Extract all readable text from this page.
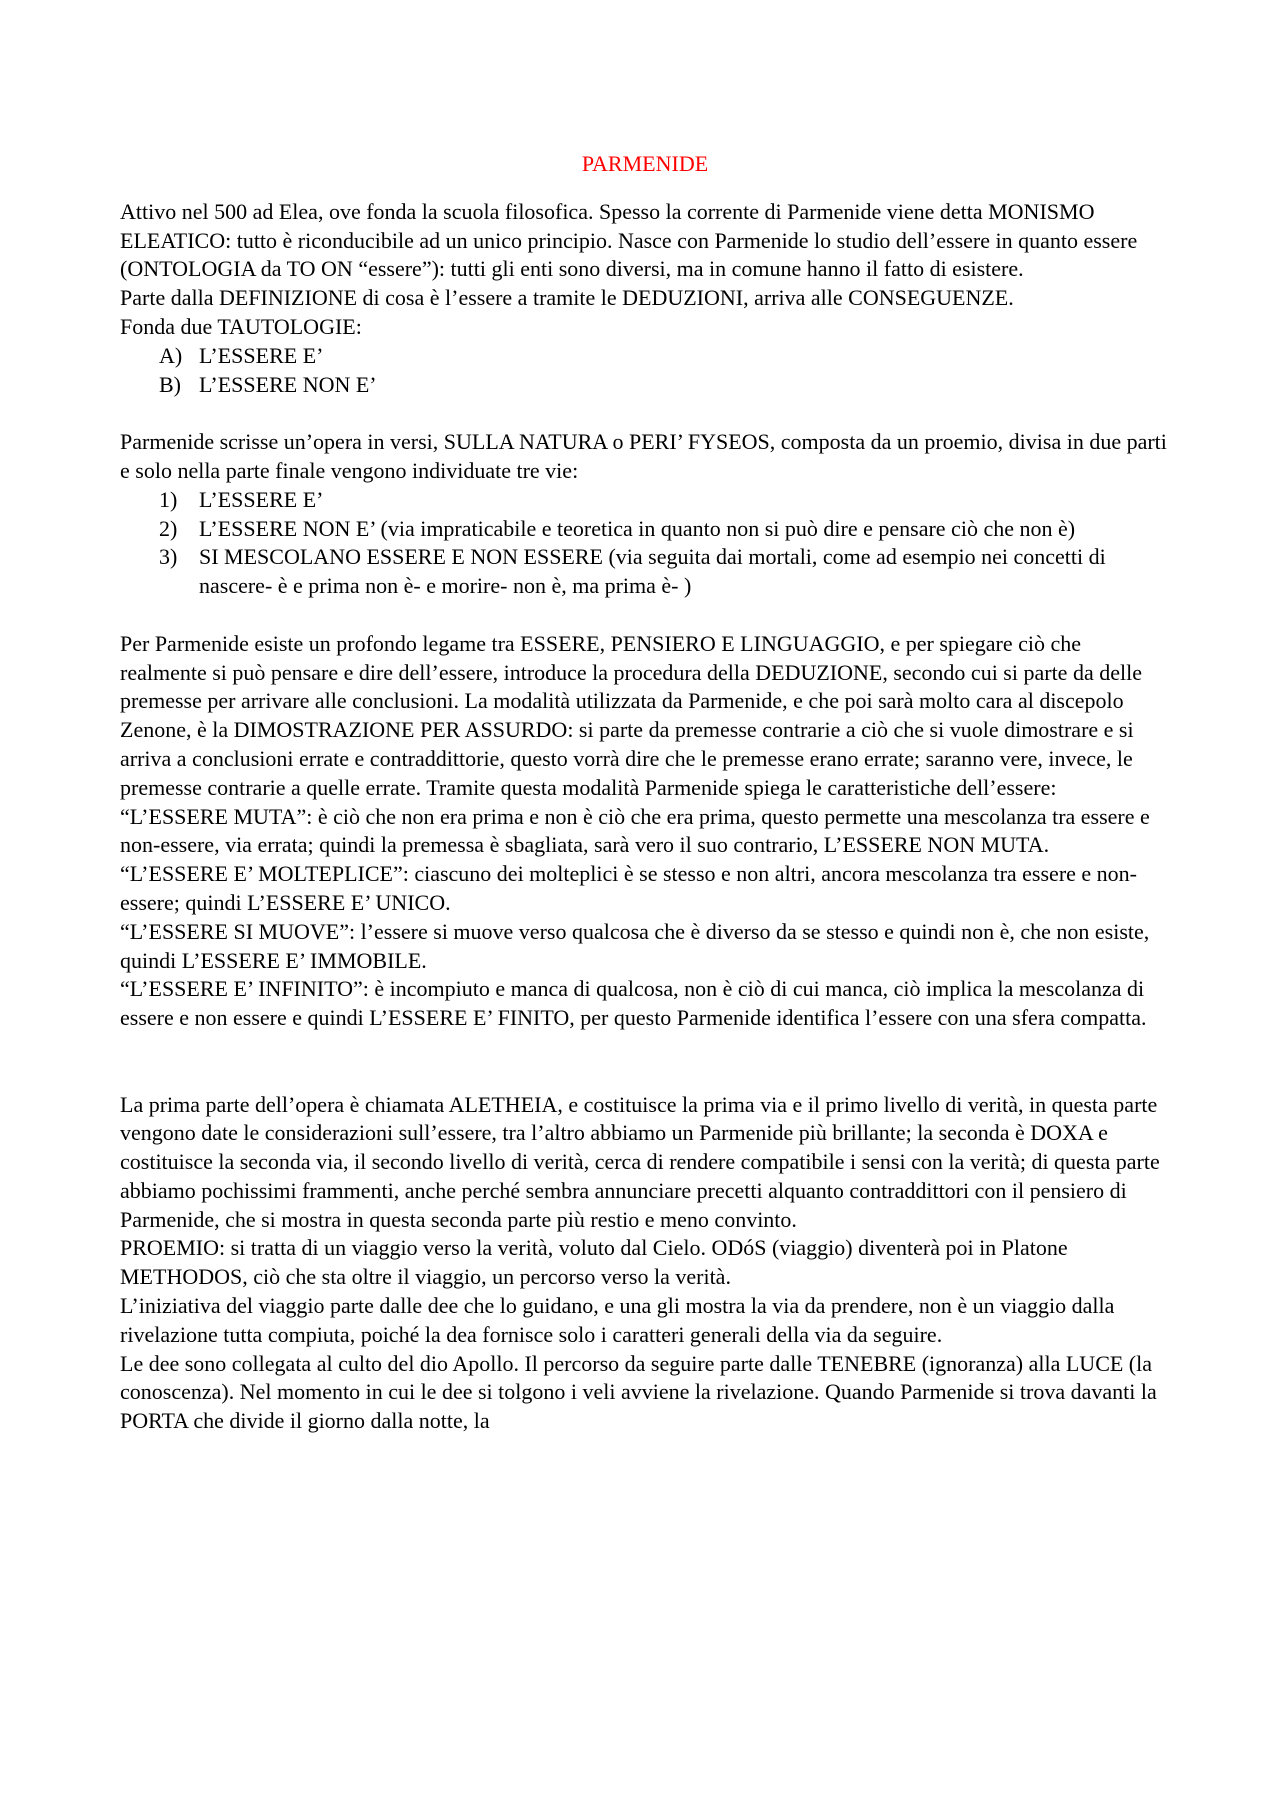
PARMENIDE

Attivo nel 500 ad Elea, ove fonda la scuola filosofica. Spesso la corrente di Parmenide viene detta MONISMO ELEATICO: tutto è riconducibile ad un unico principio. Nasce con Parmenide lo studio dell’essere in quanto essere (ONTOLOGIA da TO ON “essere”): tutti gli enti sono diversi, ma in comune hanno il fatto di esistere.

Parte dalla DEFINIZIONE di cosa è l’essere a tramite le DEDUZIONI, arriva alle CONSEGUENZE.

Fonda due TAUTOLOGIE:

A) L’ESSERE E’
B) L’ESSERE NON E’

Parmenide scrisse un’opera in versi, SULLA NATURA o PERI’ FYSEOS, composta da un proemio, divisa in due parti e solo nella parte finale vengono individuate tre vie:

1) L’ESSERE E’
2) L’ESSERE NON E’ (via impraticabile e teoretica in quanto non si può dire e pensare ciò che non è)
3) SI MESCOLANO ESSERE E NON ESSERE (via seguita dai mortali, come ad esempio nei concetti di nascere- è e prima non è- e morire- non è, ma prima è- )

Per Parmenide esiste un profondo legame tra ESSERE, PENSIERO E LINGUAGGIO, e per spiegare ciò che realmente si può pensare e dire dell’essere, introduce la procedura della DEDUZIONE, secondo cui si parte da delle premesse per arrivare alle conclusioni. La modalità utilizzata da Parmenide, e che poi sarà molto cara al discepolo Zenone, è la DIMOSTRAZIONE PER ASSURDO: si parte da premesse contrarie a ciò che si vuole dimostrare e si arriva a conclusioni errate e contraddittorie, questo vorrà dire che le premesse erano errate; saranno vere, invece, le premesse contrarie a quelle errate. Tramite questa modalità Parmenide spiega le caratteristiche dell’essere:

“L’ESSERE MUTA”: è ciò che non era prima e non è ciò che era prima, questo permette una mescolanza tra essere e non-essere, via errata; quindi la premessa è sbagliata, sarà vero il suo contrario, L’ESSERE NON MUTA.

“L’ESSERE E’ MOLTEPLICE”: ciascuno dei molteplici è se stesso e non altri, ancora mescolanza tra essere e non-essere; quindi L’ESSERE E’ UNICO.

“L’ESSERE SI MUOVE”: l’essere si muove verso qualcosa che è diverso da se stesso e quindi non è, che non esiste, quindi L’ESSERE E’ IMMOBILE.

“L’ESSERE E’ INFINITO”: è incompiuto e manca di qualcosa, non è ciò di cui manca, ciò implica la mescolanza di essere e non essere e quindi L’ESSERE E’ FINITO, per questo Parmenide identifica l’essere con una sfera compatta.

La prima parte dell’opera è chiamata ALETHEIA, e costituisce la prima via e il primo livello di verità, in questa parte vengono date le considerazioni sull’essere, tra l’altro abbiamo un Parmenide più brillante; la seconda è DOXA e costituisce la seconda via, il secondo livello di verità, cerca di rendere compatibile i sensi con la verità; di questa parte abbiamo pochissimi frammenti, anche perché sembra annunciare precetti alquanto contraddittori con il pensiero di Parmenide, che si mostra in questa seconda parte più restio e meno convinto.

PROEMIO: si tratta di un viaggio verso la verità, voluto dal Cielo. ODóS (viaggio) diventerà poi in Platone METHODOS, ciò che sta oltre il viaggio, un percorso verso la verità.

L’iniziativa del viaggio parte dalle dee che lo guidano, e una gli mostra la via da prendere, non è un viaggio dalla rivelazione tutta compiuta, poiché la dea fornisce solo i caratteri generali della via da seguire.

Le dee sono collegata al culto del dio Apollo. Il percorso da seguire parte dalle TENEBRE (ignoranza) alla LUCE (la conoscenza). Nel momento in cui le dee si tolgono i veli avviene la rivelazione. Quando Parmenide si trova davanti la PORTA che divide il giorno dalla notte, la
